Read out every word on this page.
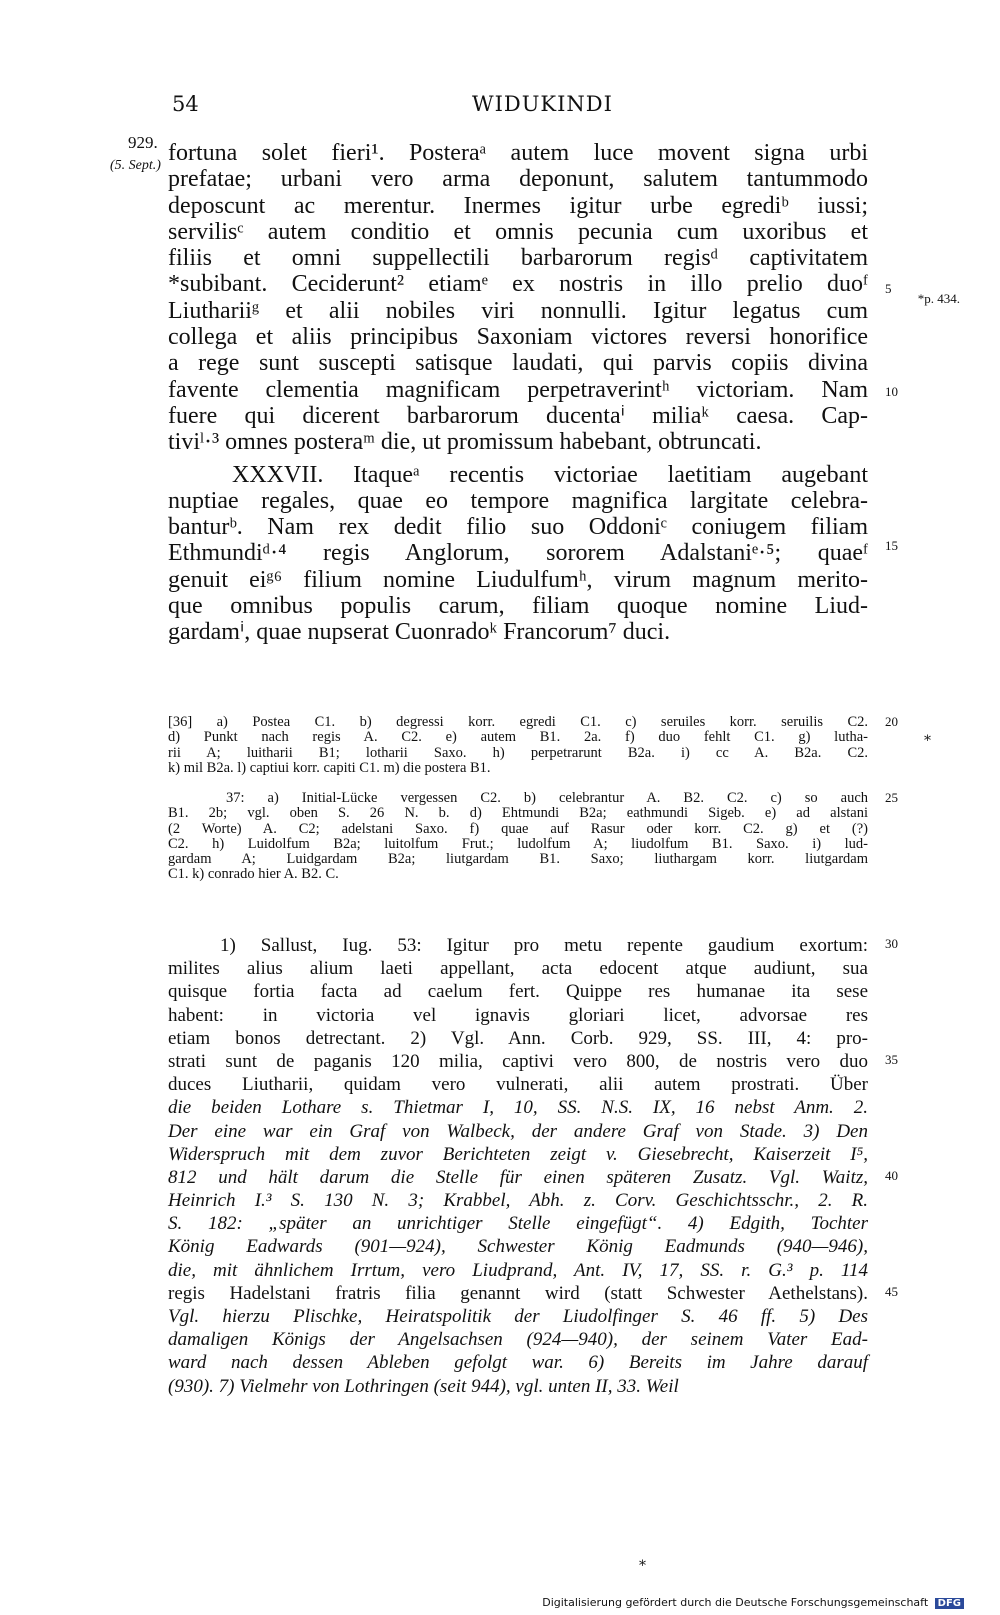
54	WIDUKINDI
929.
(5. Sept.)
*p. 434.
5
10
15
20
25
30
35
40
45
*
fortuna solet fieri¹. Posteraᵃ autem luce movent signa urbi
prefatae; urbani vero arma deponunt, salutem tantummodo
deposcunt ac merentur. Inermes igitur urbe egrediᵇ iussi;
servilisᶜ autem conditio et omnis pecunia cum uxoribus et
filiis et omni suppellectili barbarorum regisᵈ captivitatem
*subibant. Ceciderunt² etiamᵉ ex nostris in illo prelio duoᶠ
Liuthariiᵍ et alii nobiles viri nonnulli. Igitur legatus cum
collega et aliis principibus Saxoniam victores reversi honorifice
a rege sunt suscepti satisque laudati, qui parvis copiis divina
favente clementia magnificam perpetraverintʰ victoriam. Nam
fuere qui dicerent barbarorum ducentaⁱ miliaᵏ caesa. Cap-
tiviˡ·³ omnes posteraᵐ die, ut promissum habebant, obtruncati.
XXXVII. Itaqueᵃ recentis victoriae laetitiam augebant
nuptiae regales, quae eo tempore magnifica largitate celebra-
banturᵇ. Nam rex dedit filio suo Oddoniᶜ coniugem filiam
Ethmundiᵈ·⁴ regis Anglorum, sororem Adalstaniᵉ·⁵; quaeᶠ
genuit eiᵍ⁶ filium nomine Liudulfumʰ, virum magnum merito-
que omnibus populis carum, filiam quoque nomine Liud-
gardamⁱ, quae nupserat Cuonradoᵏ Francorum⁷ duci.
[36] a) Postea C1. b) degressi korr. egredi C1. c) seruiles korr. seruilis C2.
d) Punkt nach regis A. C2. e) autem B1. 2a. f) duo fehlt C1. g) lutha-
rii A; luitharii B1; lotharii Saxo. h) perpetrarunt B2a. i) cc A. B2a. C2.
k) mil B2a. l) captiui korr. capiti C1. m) die postera B1.
37: a) Initial-Lücke vergessen C2. b) celebrantur A. B2. C2. c) so auch
B1. 2b; vgl. oben S. 26 N. b. d) Ehtmundi B2a; eathmundi Sigeb. e) ad alstani
(2 Worte) A. C2; adelstani Saxo. f) quae auf Rasur oder korr. C2. g) et (?)
C2. h) Luidolfum B2a; luitolfum Frut.; ludolfum A; liudolfum B1. Saxo. i) lud-
gardam A; Luidgardam B2a; liutgardam B1. Saxo; liuthargam korr. liutgardam
C1. k) conrado hier A. B2. C.
1) Sallust, Iug. 53: Igitur pro metu repente gaudium exortum:
milites alius alium laeti appellant, acta edocent atque audiunt, sua
quisque fortia facta ad caelum fert. Quippe res humanae ita sese
habent: in victoria vel ignavis gloriari licet, advorsae res
etiam bonos detrectant. 2) Vgl. Ann. Corb. 929, SS. III, 4: pro-
strati sunt de paganis 120 milia, captivi vero 800, de nostris vero duo
duces Liutharii, quidam vero vulnerati, alii autem prostrati. Über
die beiden Lothare s. Thietmar I, 10, SS. N.S. IX, 16 nebst Anm. 2.
Der eine war ein Graf von Walbeck, der andere Graf von Stade. 3) Den
Widerspruch mit dem zuvor Berichteten zeigt v. Giesebrecht, Kaiserzeit I⁵,
812 und hält darum die Stelle für einen späteren Zusatz. Vgl. Waitz,
Heinrich I.³ S. 130 N. 3; Krabbel, Abh. z. Corv. Geschichtsschr., 2. R.
S. 182: „später an unrichtiger Stelle eingefügt“. 4) Edgith, Tochter
König Eadwards (901—924), Schwester König Eadmunds (940—946),
die, mit ähnlichem Irrtum, vero Liudprand, Ant. IV, 17, SS. r. G.³ p. 114
regis Hadelstani fratris filia genannt wird (statt Schwester Aethelstans).
Vgl. hierzu Plischke, Heiratspolitik der Liudolfinger S. 46 ff. 5) Des
damaligen Königs der Angelsachsen (924—940), der seinem Vater Ead-
ward nach dessen Ableben gefolgt war. 6) Bereits im Jahre darauf
(930). 7) Vielmehr von Lothringen (seit 944), vgl. unten II, 33. Weil
*
Digitalisierung gefördert durch die Deutsche Forschungsgemeinschaft DFG
